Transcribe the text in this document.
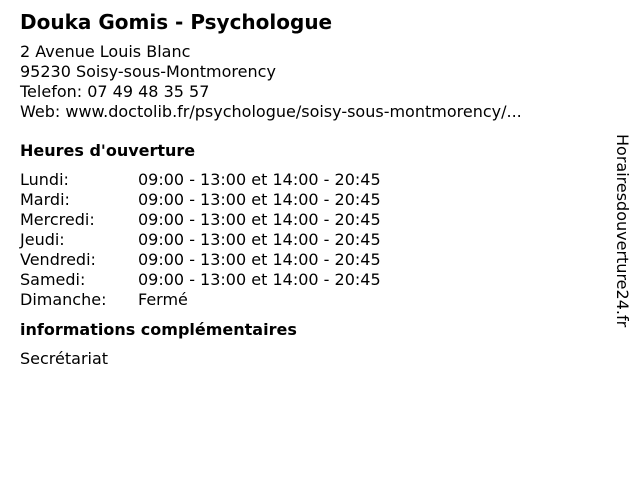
Douka Gomis - Psychologue
2 Avenue Louis Blanc
95230 Soisy-sous-Montmorency
Telefon: 07 49 48 35 57
Web: www.doctolib.fr/psychologue/soisy-sous-montmorency/...
Heures d'ouverture
Lundi:	09:00 - 13:00 et 14:00 - 20:45
Mardi:	09:00 - 13:00 et 14:00 - 20:45
Mercredi:	09:00 - 13:00 et 14:00 - 20:45
Jeudi:	09:00 - 13:00 et 14:00 - 20:45
Vendredi:	09:00 - 13:00 et 14:00 - 20:45
Samedi:	09:00 - 13:00 et 14:00 - 20:45
Dimanche:	Fermé
informations complémentaires
Secrétariat
Horairesdouverture24.fr
